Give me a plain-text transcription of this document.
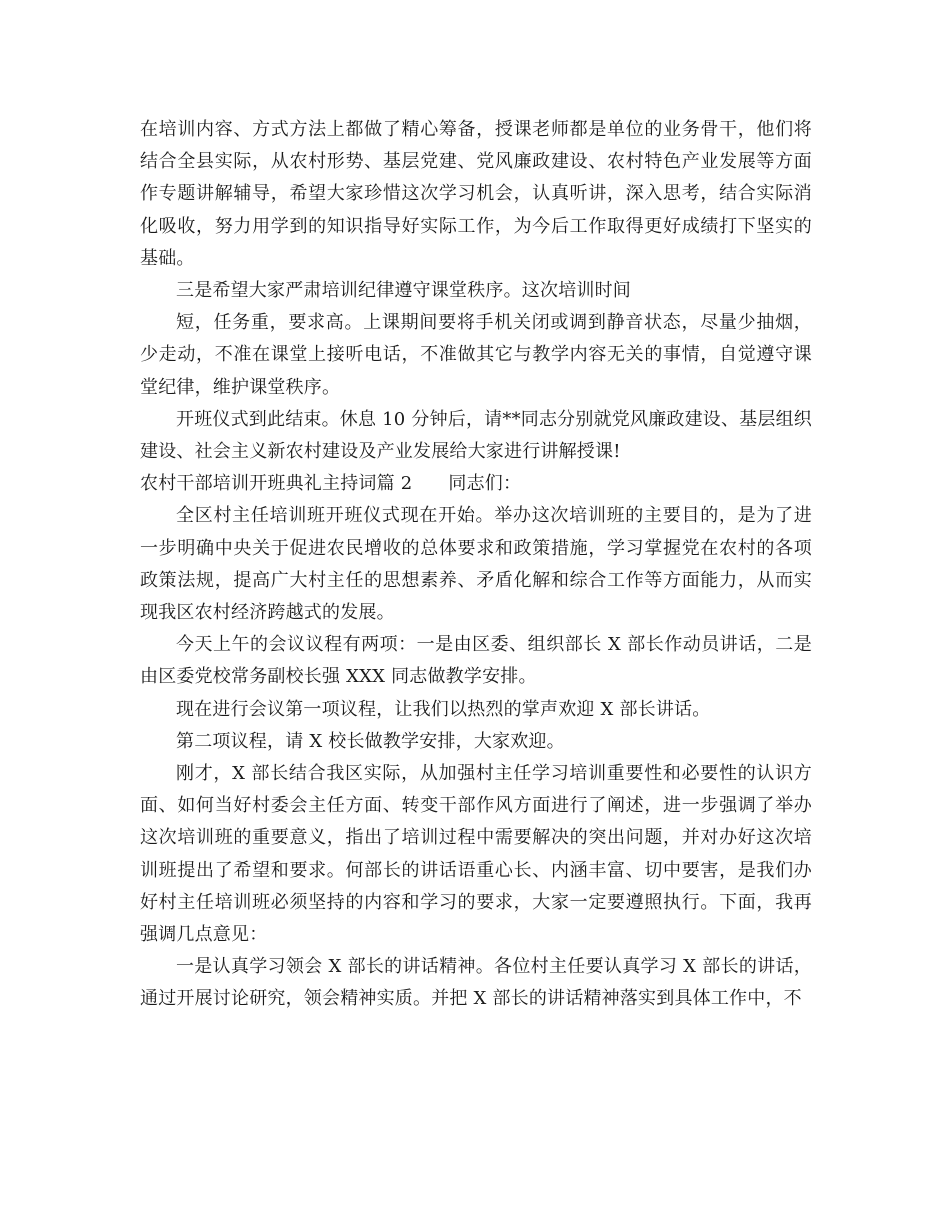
在培训内容、方式方法上都做了精心筹备，授课老师都是单位的业务骨干，他们将结合全县实际，从农村形势、基层党建、党风廉政建设、农村特色产业发展等方面作专题讲解辅导，希望大家珍惜这次学习机会，认真听讲，深入思考，结合实际消化吸收，努力用学到的知识指导好实际工作，为今后工作取得更好成绩打下坚实的基础。

三是希望大家严肃培训纪律遵守课堂秩序。这次培训时间

短，任务重，要求高。上课期间要将手机关闭或调到静音状态，尽量少抽烟，少走动，不准在课堂上接听电话，不准做其它与教学内容无关的事情，自觉遵守课堂纪律，维护课堂秩序。

开班仪式到此结束。休息 10 分钟后，请**同志分别就党风廉政建设、基层组织建设、社会主义新农村建设及产业发展给大家进行讲解授课!

农村干部培训开班典礼主持词篇 2 同志们：

全区村主任培训班开班仪式现在开始。举办这次培训班的主要目的，是为了进一步明确中央关于促进农民增收的总体要求和政策措施，学习掌握党在农村的各项政策法规，提高广大村主任的思想素养、矛盾化解和综合工作等方面能力，从而实现我区农村经济跨越式的发展。

今天上午的会议议程有两项：一是由区委、组织部长 X 部长作动员讲话，二是由区委党校常务副校长强 XXX 同志做教学安排。

现在进行会议第一项议程，让我们以热烈的掌声欢迎 X 部长讲话。

第二项议程，请 X 校长做教学安排，大家欢迎。

刚才，X 部长结合我区实际，从加强村主任学习培训重要性和必要性的认识方面、如何当好村委会主任方面、转变干部作风方面进行了阐述，进一步强调了举办这次培训班的重要意义，指出了培训过程中需要解决的突出问题，并对办好这次培训班提出了希望和要求。何部长的讲话语重心长、内涵丰富、切中要害，是我们办好村主任培训班必须坚持的内容和学习的要求，大家一定要遵照执行。下面，我再强调几点意见：

一是认真学习领会 X 部长的讲话精神。各位村主任要认真学习 X 部长的讲话，通过开展讨论研究，领会精神实质。并把 X 部长的讲话精神落实到具体工作中，不
